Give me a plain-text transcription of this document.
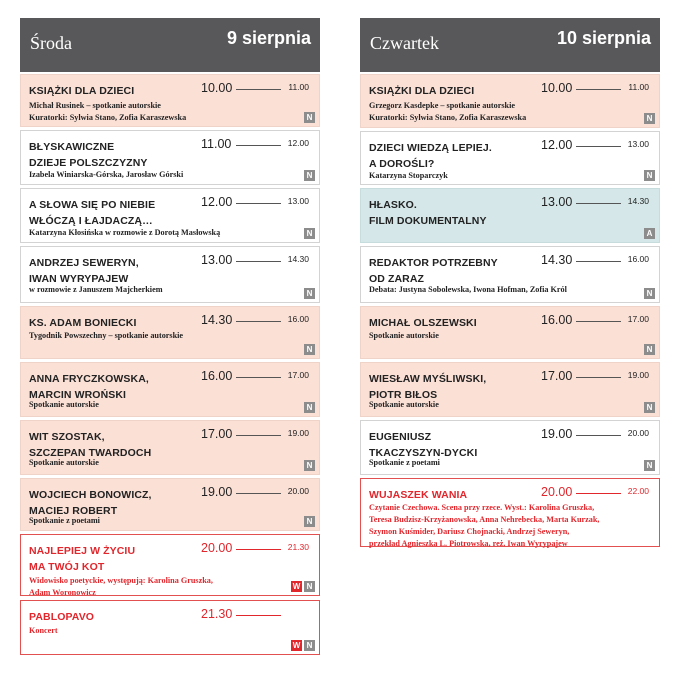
Środa	9 sierpnia
KSIĄŻKI DLA DZIECI
Michał Rusinek – spotkanie autorskie
Kuratorki: Sylwia Stano, Zofia Karaszewska
10.00	11.00
N
BŁYSKAWICZNE
DZIEJE POLSZCZYZNY
Izabela Winiarska-Górska, Jarosław Górski
11.00	12.00
N
A SŁOWA SIĘ PO NIEBIE
WŁÓCZĄ I ŁAJDACZĄ…
Katarzyna Kłosińska w rozmowie z Dorotą Masłowską
12.00	13.00
N
ANDRZEJ SEWERYN,
IWAN WYRYPAJEW
w rozmowie z Januszem Majcherkiem
13.00	14.30
N
KS. ADAM BONIECKI
Tygodnik Powszechny – spotkanie autorskie
14.30	16.00
N
ANNA FRYCZKOWSKA,
MARCIN WROŃSKI
Spotkanie autorskie
16.00	17.00
N
WIT SZOSTAK,
SZCZEPAN TWARDOCH
Spotkanie autorskie
17.00	19.00
N
WOJCIECH BONOWICZ,
MACIEJ ROBERT
Spotkanie z poetami
19.00	20.00
N
NAJLEPIEJ W ŻYCIU
MA TWÓJ KOT
Widowisko poetyckie, występują: Karolina Gruszka,
Adam Woronowicz
20.00	21.30
W N
PABLOPAVO
Koncert
21.30
W N
Czwartek	10 sierpnia
KSIĄŻKI DLA DZIECI
Grzegorz Kasdepke – spotkanie autorskie
Kuratorki: Sylwia Stano, Zofia Karaszewska
10.00	11.00
N
DZIECI WIEDZĄ LEPIEJ.
A DOROŚLI?
Katarzyna Stoparczyk
12.00	13.00
N
HŁASKO.
FILM DOKUMENTALNY
13.00	14.30
A
REDAKTOR POTRZEBNY
OD ZARAZ
Debata: Justyna Sobolewska, Iwona Hofman, Zofia Król
14.30	16.00
N
MICHAŁ OLSZEWSKI
Spotkanie autorskie
16.00	17.00
N
WIESŁAW MYŚLIWSKI,
PIOTR BIŁOS
Spotkanie autorskie
17.00	19.00
N
EUGENIUSZ
TKACZYSZYN-DYCKI
Spotkanie z poetami
19.00	20.00
N
WUJASZEK WANIA
Czytanie Czechowa. Scena przy rzece. Wyst.: Karolina Gruszka,
Teresa Budzisz-Krzyżanowska, Anna Nehrebecka, Marta Kurzak,
Szymon Kuśmider, Dariusz Chojnacki, Andrzej Seweryn,
przekład Agnieszka L. Piotrowska, reż. Iwan Wyrypajew
20.00	22.00
